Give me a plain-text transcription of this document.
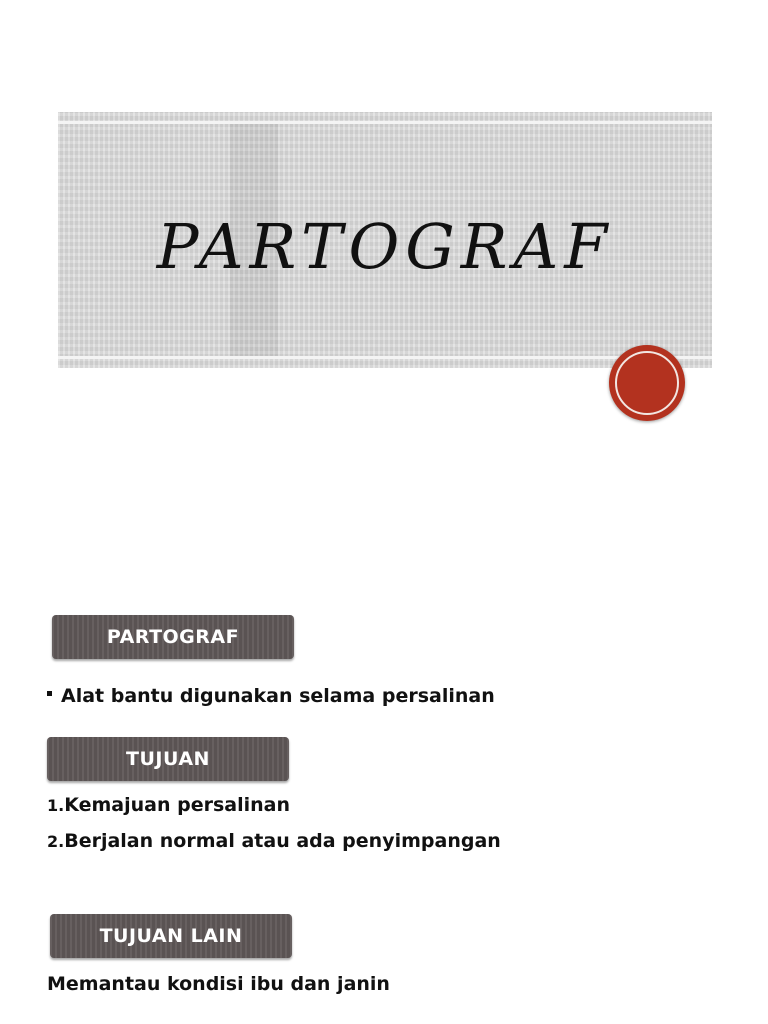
PARTOGRAF
PARTOGRAF
Alat bantu digunakan selama persalinan
TUJUAN
1.Kemajuan persalinan
2.Berjalan normal atau ada penyimpangan
TUJUAN LAIN
Memantau kondisi ibu dan janin
